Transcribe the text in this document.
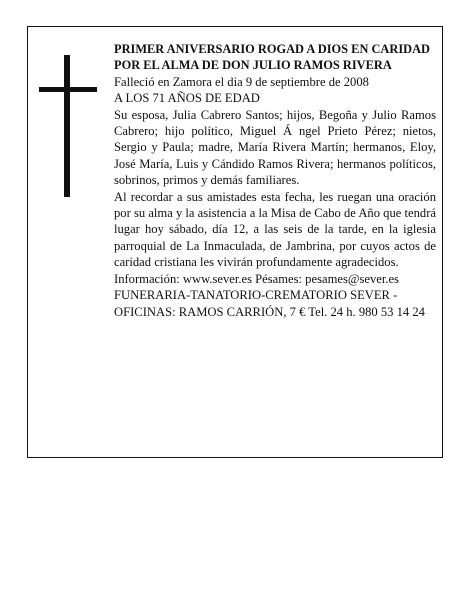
PRIMER ANIVERSARIO ROGAD A DIOS EN CARIDAD POR EL ALMA DE DON JULIO RAMOS RIVERA

Falleció en Zamora el dia 9 de septiembre de 2008

A LOS 71 AÑOS DE EDAD

Su esposa, Julia Cabrero Santos; hijos, Begoña y Julio Ramos Cabrero; hijo político, Miguel Á ngel Prieto Pérez; nietos, Sergio y Paula; madre, María Rivera Martín; hermanos, Eloy, José María, Luis y Cándido Ramos Rivera; hermanos políticos, sobrinos, primos y demás familiares.

Al recordar a sus amistades esta fecha, les ruegan una oración por su alma y la asistencia a la Misa de Cabo de Año que tendrá lugar hoy sábado, día 12, a las seis de la tarde, en la iglesia parroquial de La Inmaculada, de Jambrina, por cuyos actos de caridad cristiana les vivirán profundamente agradecidos.

Información: www.sever.es Pésames: pesames@sever.es

FUNERARIA-TANATORIO-CREMATORIO SEVER - OFICINAS: RAMOS CARRIÓN, 7 € Tel. 24 h. 980 53 14 24
